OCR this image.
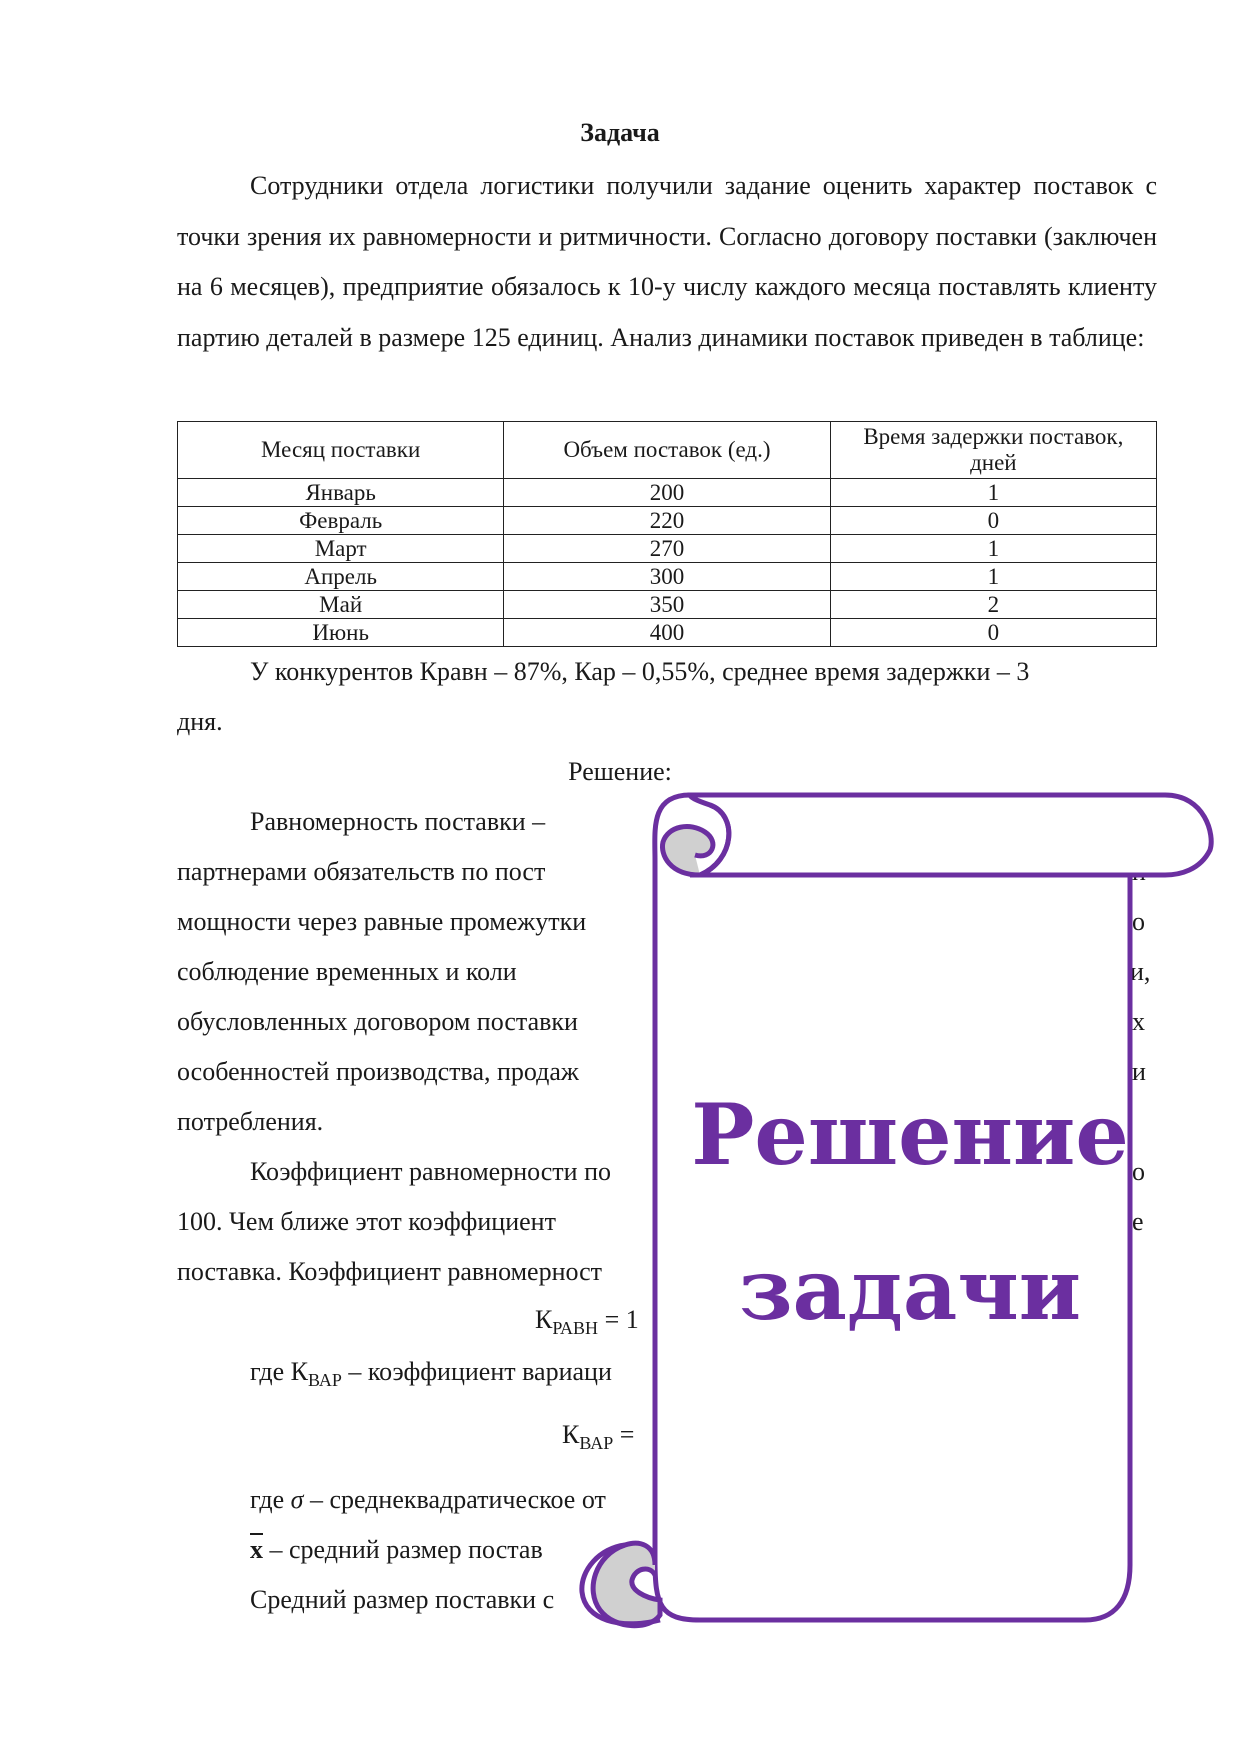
Задача
Сотрудники отдела логистики получили задание оценить характер поставок с точки зрения их равномерности и ритмичности. Согласно договору поставки (заключен на 6 месяцев), предприятие обязалось к 10-у числу каждого месяца поставлять клиенту партию деталей в размере 125 единиц. Анализ динамики поставок приведен в таблице:
Месяц поставки	Объем поставок (ед.)	Время задержки поставок, дней
Январь	200	1
Февраль	220	0
Март	270	1
Апрель	300	1
Май	350	2
Июнь	400	0
У конкурентов Кравн – 87%, Кар – 0,55%, среднее время задержки – 3
дня.
Решение:
Равномерность поставки –
партнерами обязательств по пост
мощности через равные промежутки
соблюдение временных и коли
обусловленных договором поставки
особенностей производства, продаж
потребления.
Коэффициент равномерности по
100. Чем ближе этот коэффициент
поставка. Коэффициент равномерност
о
и,
х
и
о
е
$К_{РАВН} = 1$
где $К_{ВАР}$ – коэффициент вариаци
$К_{ВАР}$ =
где σ – среднеквадратическое от
$\overline{x}$ – средний размер постав
Средний размер поставки с
Решение
задачи
